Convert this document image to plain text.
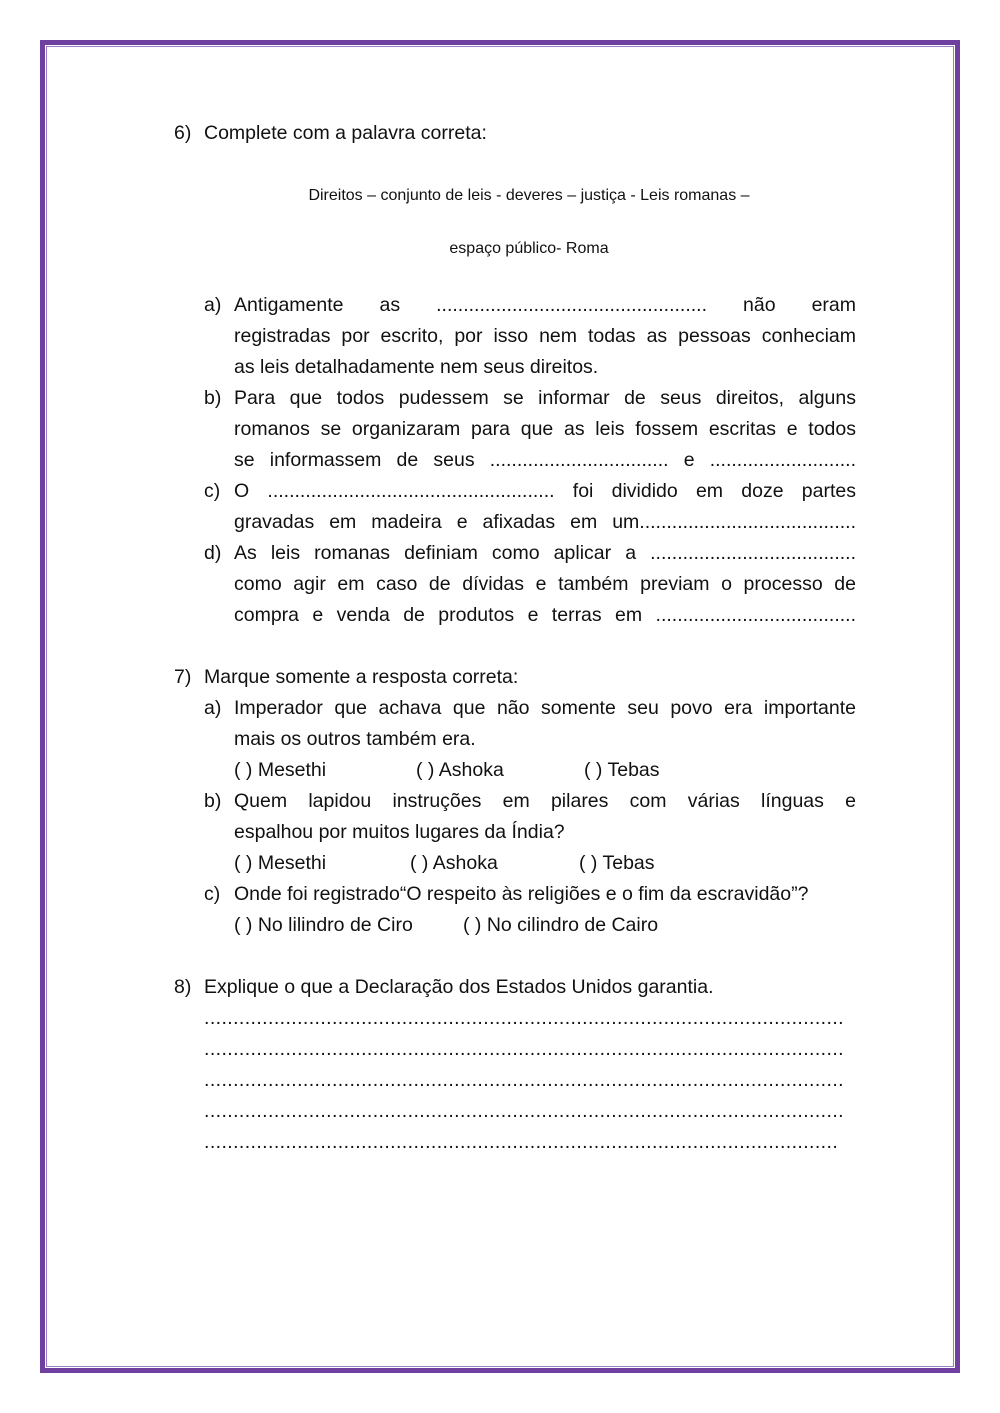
6) Complete com a palavra correta:
Direitos – conjunto de leis - deveres – justiça - Leis romanas –
espaço público- Roma
a) Antigamente as .................................................. não eram
registradas por escrito, por isso nem todas as pessoas conheciam
as leis detalhadamente nem seus direitos.
b) Para que todos pudessem se informar de seus direitos, alguns
romanos se organizaram para que as leis fossem escritas e todos
se informassem de seus ................................. e ...........................
c) O ..................................................... foi dividido em doze partes
gravadas em madeira e afixadas em um........................................
d) As leis romanas definiam como aplicar a ......................................
como agir em caso de dívidas e também previam o processo de
compra e venda de produtos e terras em .....................................
7) Marque somente a resposta correta:
a) Imperador que achava que não somente seu povo era importante
mais os outros também era.
( ) Mesethi	( ) Ashoka	( ) Tebas
b) Quem lapidou instruções em pilares com várias línguas e
espalhou por muitos lugares da Índia?
( ) Mesethi	( ) Ashoka	( ) Tebas
c) Onde foi registrado“O respeito às religiões e o fim da escravidão”?
( ) No lilindro de Ciro	( ) No cilindro de Cairo
8) Explique o que a Declaração dos Estados Unidos garantia.
..............................................................................................................
..............................................................................................................
..............................................................................................................
..............................................................................................................
.............................................................................................................
